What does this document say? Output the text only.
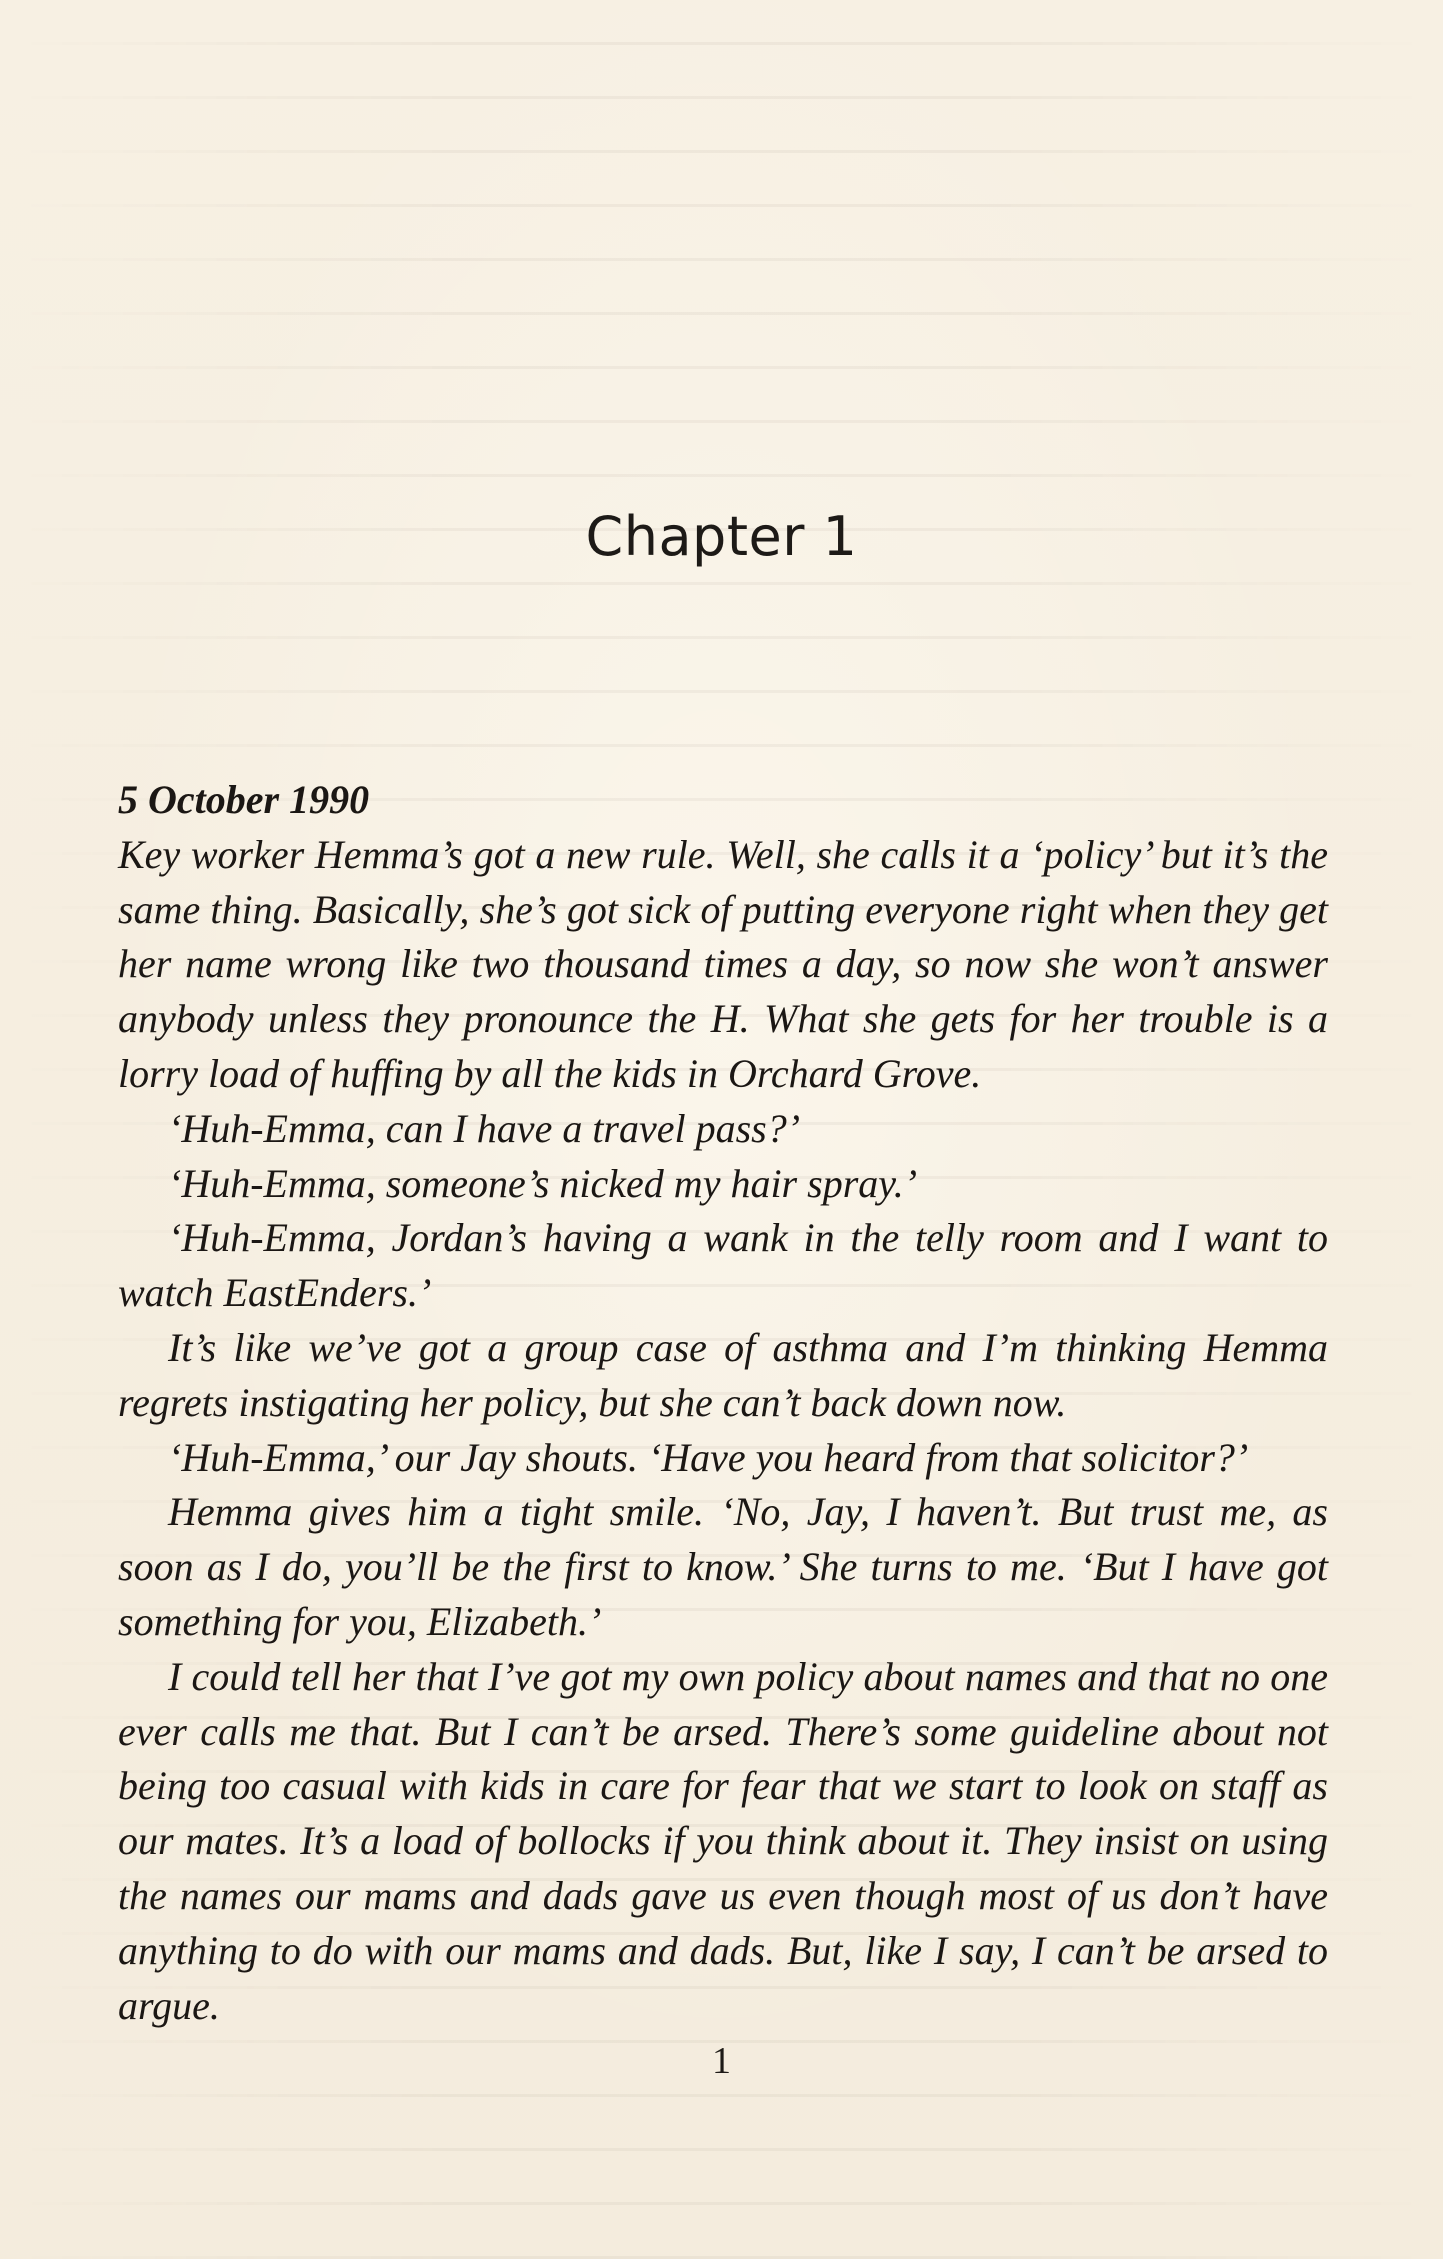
Chapter 1

5 October 1990

Key worker Hemma’s got a new rule. Well, she calls it a ‘policy’ but it’s the same thing. Basically, she’s got sick of putting everyone right when they get her name wrong like two thousand times a day, so now she won’t answer anybody unless they pronounce the H. What she gets for her trouble is a lorry load of huffing by all the kids in Orchard Grove.

‘Huh-Emma, can I have a travel pass?’

‘Huh-Emma, someone’s nicked my hair spray.’

‘Huh-Emma, Jordan’s having a wank in the telly room and I want to watch EastEnders.’

It’s like we’ve got a group case of asthma and I’m thinking Hemma regrets instigating her policy, but she can’t back down now.

‘Huh-Emma,’ our Jay shouts. ‘Have you heard from that solicitor?’

Hemma gives him a tight smile. ‘No, Jay, I haven’t. But trust me, as soon as I do, you’ll be the first to know.’ She turns to me. ‘But I have got something for you, Elizabeth.’

I could tell her that I’ve got my own policy about names and that no one ever calls me that. But I can’t be arsed. There’s some guideline about not being too casual with kids in care for fear that we start to look on staff as our mates. It’s a load of bollocks if you think about it. They insist on using the names our mams and dads gave us even though most of us don’t have anything to do with our mams and dads. But, like I say, I can’t be arsed to argue.

1
